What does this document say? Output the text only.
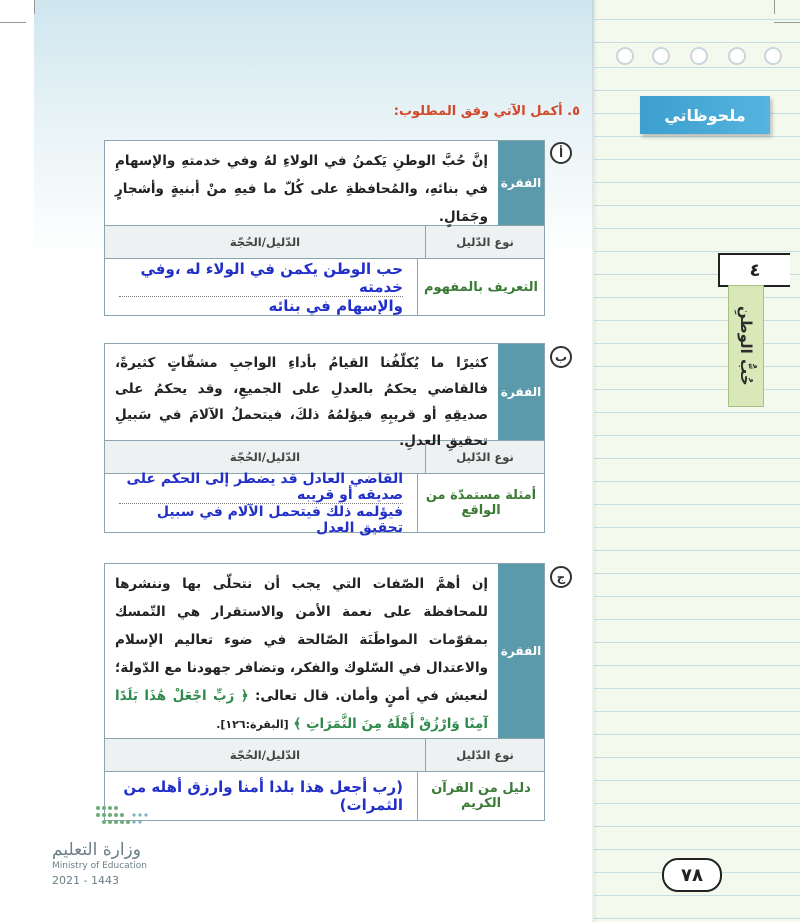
ملحوظاتي
٤
حُبُّ الوطنِ
٥. أكمل الآتي وفق المطلوب:
أ
الفقرة
إنَّ حُبَّ الوطنِ يَكمنُ في الولاءِ لهُ وفي خدمتهِ والإسهامِ في بنائهِ، والمُحافظةِ على كُلّ ما فيهِ منْ أبنيةٍ وأشجارٍ وجَمَالٍ.
نوع الدّليل
الدّليل/الحُجّة
التعريف بالمفهوم
حب الوطن يكمن في الولاء له ،وفي خدمته
والإسهام في بنائه
ب
الفقرة
كثيرًا ما يُكلّفُنا القيامُ بأداءِ الواجبِ مشقّاتٍ كثيرةً، فالقاضي يحكمُ بالعدلِ على الجميعِ، وقد يحكمُ على صديقِهِ أو قريبِهِ فيؤلمُهُ ذلكَ، فيتحملُ الآلامَ في سَبيلِ تحقيقِ العدلِ.
نوع الدّليل
الدّليل/الحُجّة
أمثلة مستمدّة من الواقع
القاضي العادل قد يضطر إلى الحكم على صديقه أو قريبه
فيؤلمه ذلك فيتحمل الآلام في سبيل تحقيق العدل
ج
الفقرة
إن أهمَّ الصّفات التي يجب أن نتحلّى بها وننشرها للمحافظة على نعمة الأمن والاستقرار هي التّمسك بمقوّمات المواطَنَة الصّالحة في ضوء تعاليم الإسلام والاعتدال في السّلوك والفكر، وتضافر جهودنا مع الدّولة؛ لنعيش في أمنٍ وأمان. قال تعالى: ﴿ رَبِّ اجْعَلْ هَٰذَا بَلَدًا آمِنًا وَارْزُقْ أَهْلَهُ مِنَ الثَّمَرَاتِ ﴾ [البقرة:١٢٦].
نوع الدّليل
الدّليل/الحُجّة
دليل من القرآن الكريم
(رب أجعل هذا بلدا أمنا وارزق أهله من الثمرات)
وزارة التعليم
Ministry of Education
2021 - 1443	٧٨
